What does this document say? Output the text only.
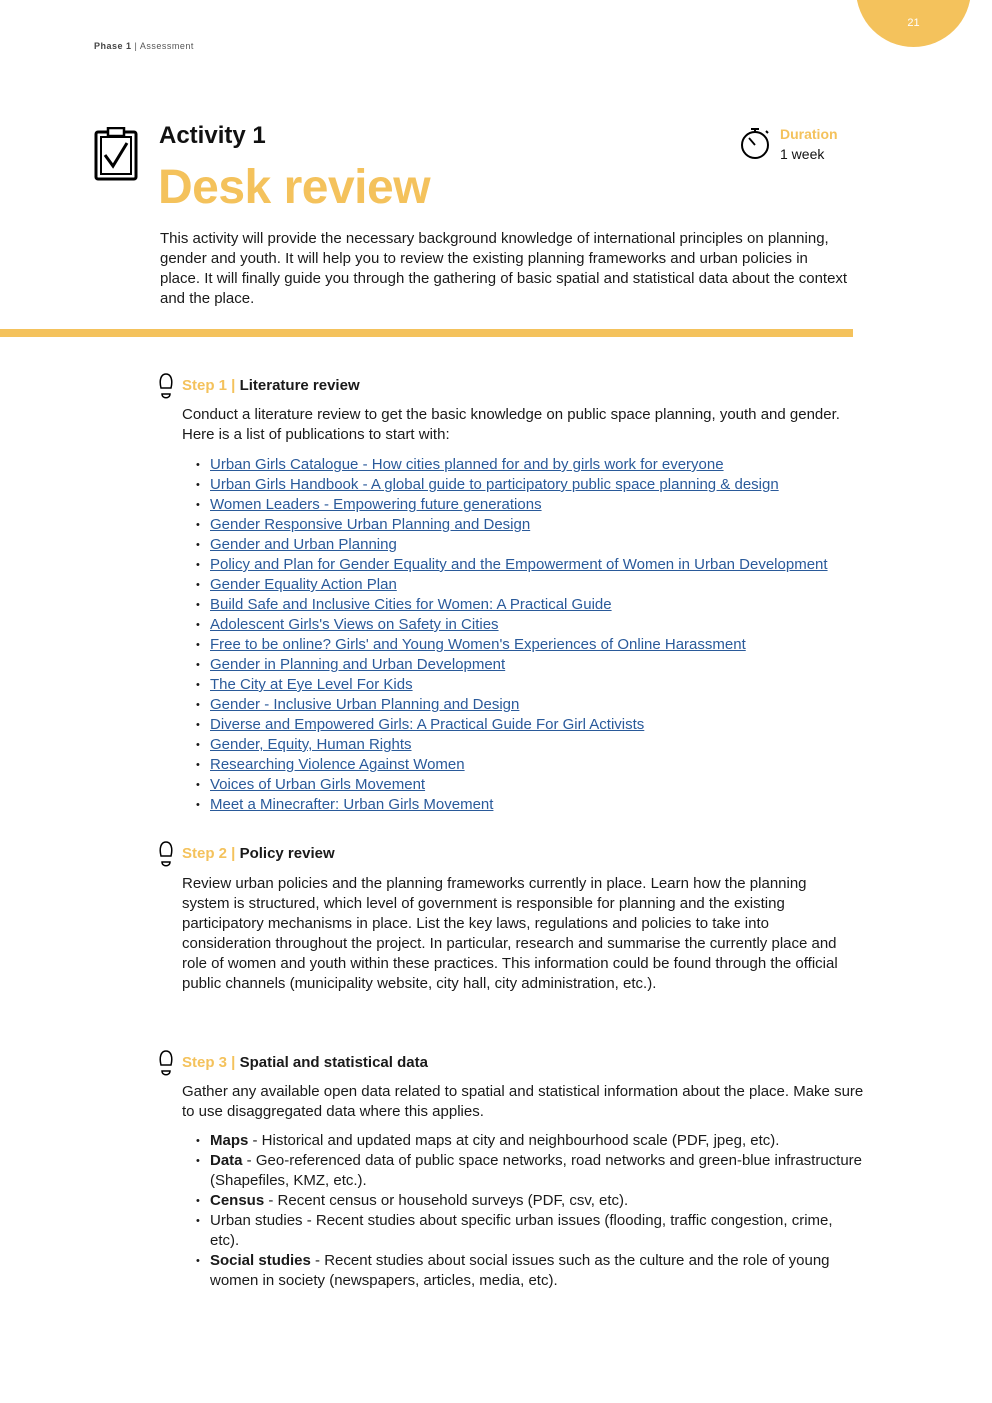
21
Phase 1 | Assessment
Activity 1
Desk review
Duration
1 week

This activity will provide the necessary background knowledge of international principles on planning, gender and youth. It will help you to review the existing planning frameworks and urban policies in place. It will finally guide you through the gathering of basic spatial and statistical data about the context and the place.

Step 1 | Literature review

Conduct a literature review to get the basic knowledge on public space planning, youth and gender. Here is a list of publications to start with:

• Urban Girls Catalogue - How cities planned for and by girls work for everyone
• Urban Girls Handbook - A global guide to participatory public space planning & design
• Women Leaders - Empowering future generations
• Gender Responsive Urban Planning and Design
• Gender and Urban Planning
• Policy and Plan for Gender Equality and the Empowerment of Women in Urban Development
• Gender Equality Action Plan
• Build Safe and Inclusive Cities for Women: A Practical Guide
• Adolescent Girls's Views on Safety in Cities
• Free to be online? Girls' and Young Women's Experiences of Online Harassment
• Gender in Planning and Urban Development
• The City at Eye Level For Kids
• Gender - Inclusive Urban Planning and Design
• Diverse and Empowered Girls: A Practical Guide For Girl Activists
• Gender, Equity, Human Rights
• Researching Violence Against Women
• Voices of Urban Girls Movement
• Meet a Minecrafter: Urban Girls Movement
Step 2 | Policy review

Review urban policies and the planning frameworks currently in place. Learn how the planning system is structured, which level of government is responsible for planning and the existing participatory mechanisms in place. List the key laws, regulations and policies to take into consideration throughout the project. In particular, research and summarise the currently place and role of women and youth within these practices. This information could be found through the official public channels (municipality website, city hall, city administration, etc.).

Step 3 | Spatial and statistical data

Gather any available open data related to spatial and statistical information about the place. Make sure to use disaggregated data where this applies.

• Maps - Historical and updated maps at city and neighbourhood scale (PDF, jpeg, etc).
• Data - Geo-referenced data of public space networks, road networks and green-blue infrastructure (Shapefiles, KMZ, etc.).
• Census - Recent census or household surveys (PDF, csv, etc).
• Urban studies - Recent studies about specific urban issues (flooding, traffic congestion, crime, etc).
• Social studies - Recent studies about social issues such as the culture and the role of young women in society (newspapers, articles, media, etc).
